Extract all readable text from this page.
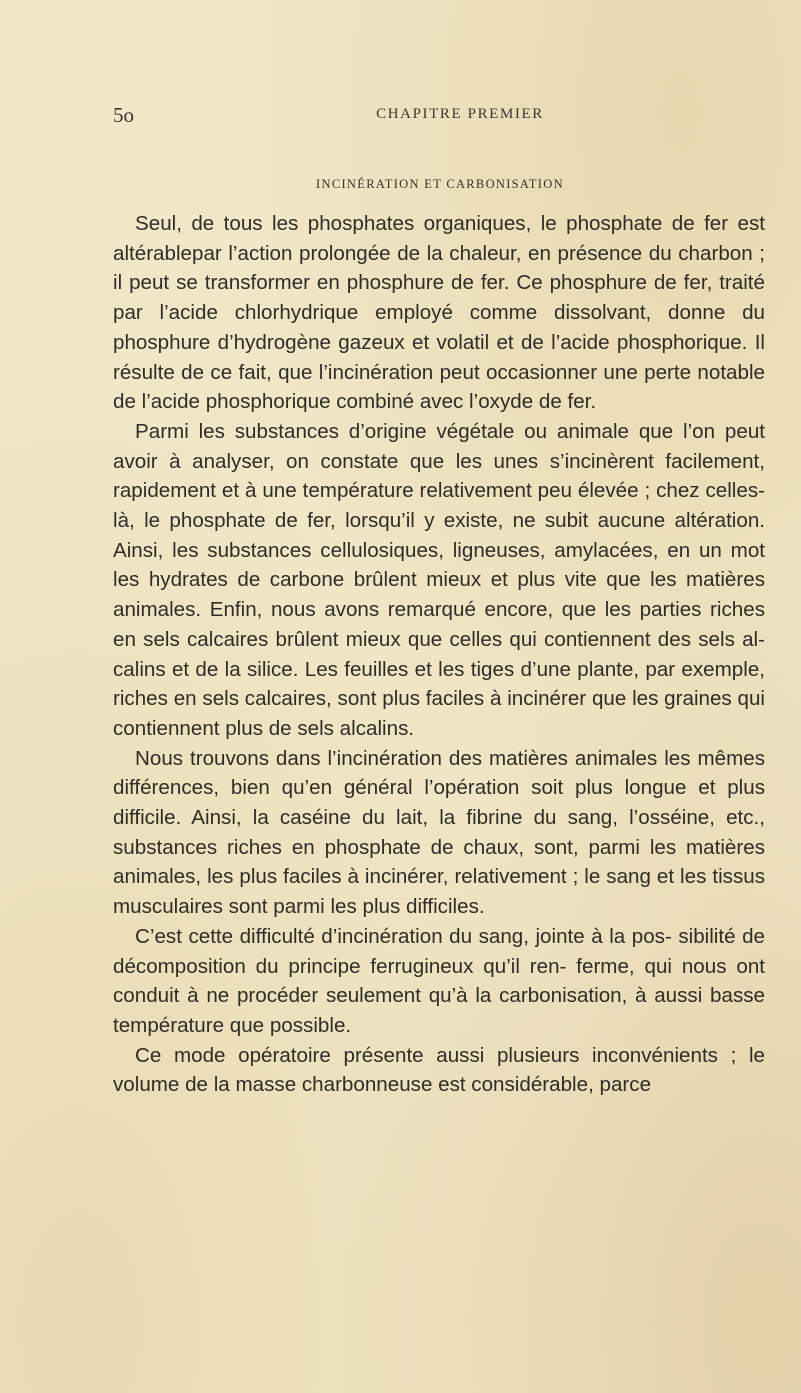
5o	CHAPITRE PREMIER
INCINÉRATION ET CARBONISATION

Seul, de tous les phosphates organiques, le phosphate de fer est altérablepar l’action prolongée de la chaleur, en présence du charbon ; il peut se transformer en phosphure de fer. Ce phosphure de fer, traité par l’acide chlorhydrique employé comme dissolvant, donne du phosphure d’hydrogène gazeux et volatil et de l’acide phosphorique. Il résulte de ce fait, que l’incinération peut occasionner une perte notable de l’acide phosphorique combiné avec l’oxyde de fer.

Parmi les substances d’origine végétale ou animale que l’on peut avoir à analyser, on constate que les unes s’incinèrent facilement, rapidement et à une température relativement peu élevée ; chez celles-là, le phosphate de fer, lorsqu’il y existe, ne subit aucune altération. Ainsi, les substances cellulosiques, ligneuses, amylacées, en un mot les hydrates de carbone brûlent mieux et plus vite que les matières animales. Enfin, nous avons remarqué encore, que les parties riches en sels calcaires brûlent mieux que celles qui contiennent des sels al- calins et de la silice. Les feuilles et les tiges d’une plante, par exemple, riches en sels calcaires, sont plus faciles à incinérer que les graines qui contiennent plus de sels alcalins.

Nous trouvons dans l’incinération des matières animales les mêmes différences, bien qu’en général l’opération soit plus longue et plus difficile. Ainsi, la caséine du lait, la fibrine du sang, l’osséine, etc., substances riches en phosphate de chaux, sont, parmi les matières animales, les plus faciles à incinérer, relativement ; le sang et les tissus musculaires sont parmi les plus difficiles.

C’est cette difficulté d’incinération du sang, jointe à la pos- sibilité de décomposition du principe ferrugineux qu’il ren- ferme, qui nous ont conduit à ne procéder seulement qu’à la carbonisation, à aussi basse température que possible.

Ce mode opératoire présente aussi plusieurs inconvénients ; le volume de la masse charbonneuse est considérable, parce
